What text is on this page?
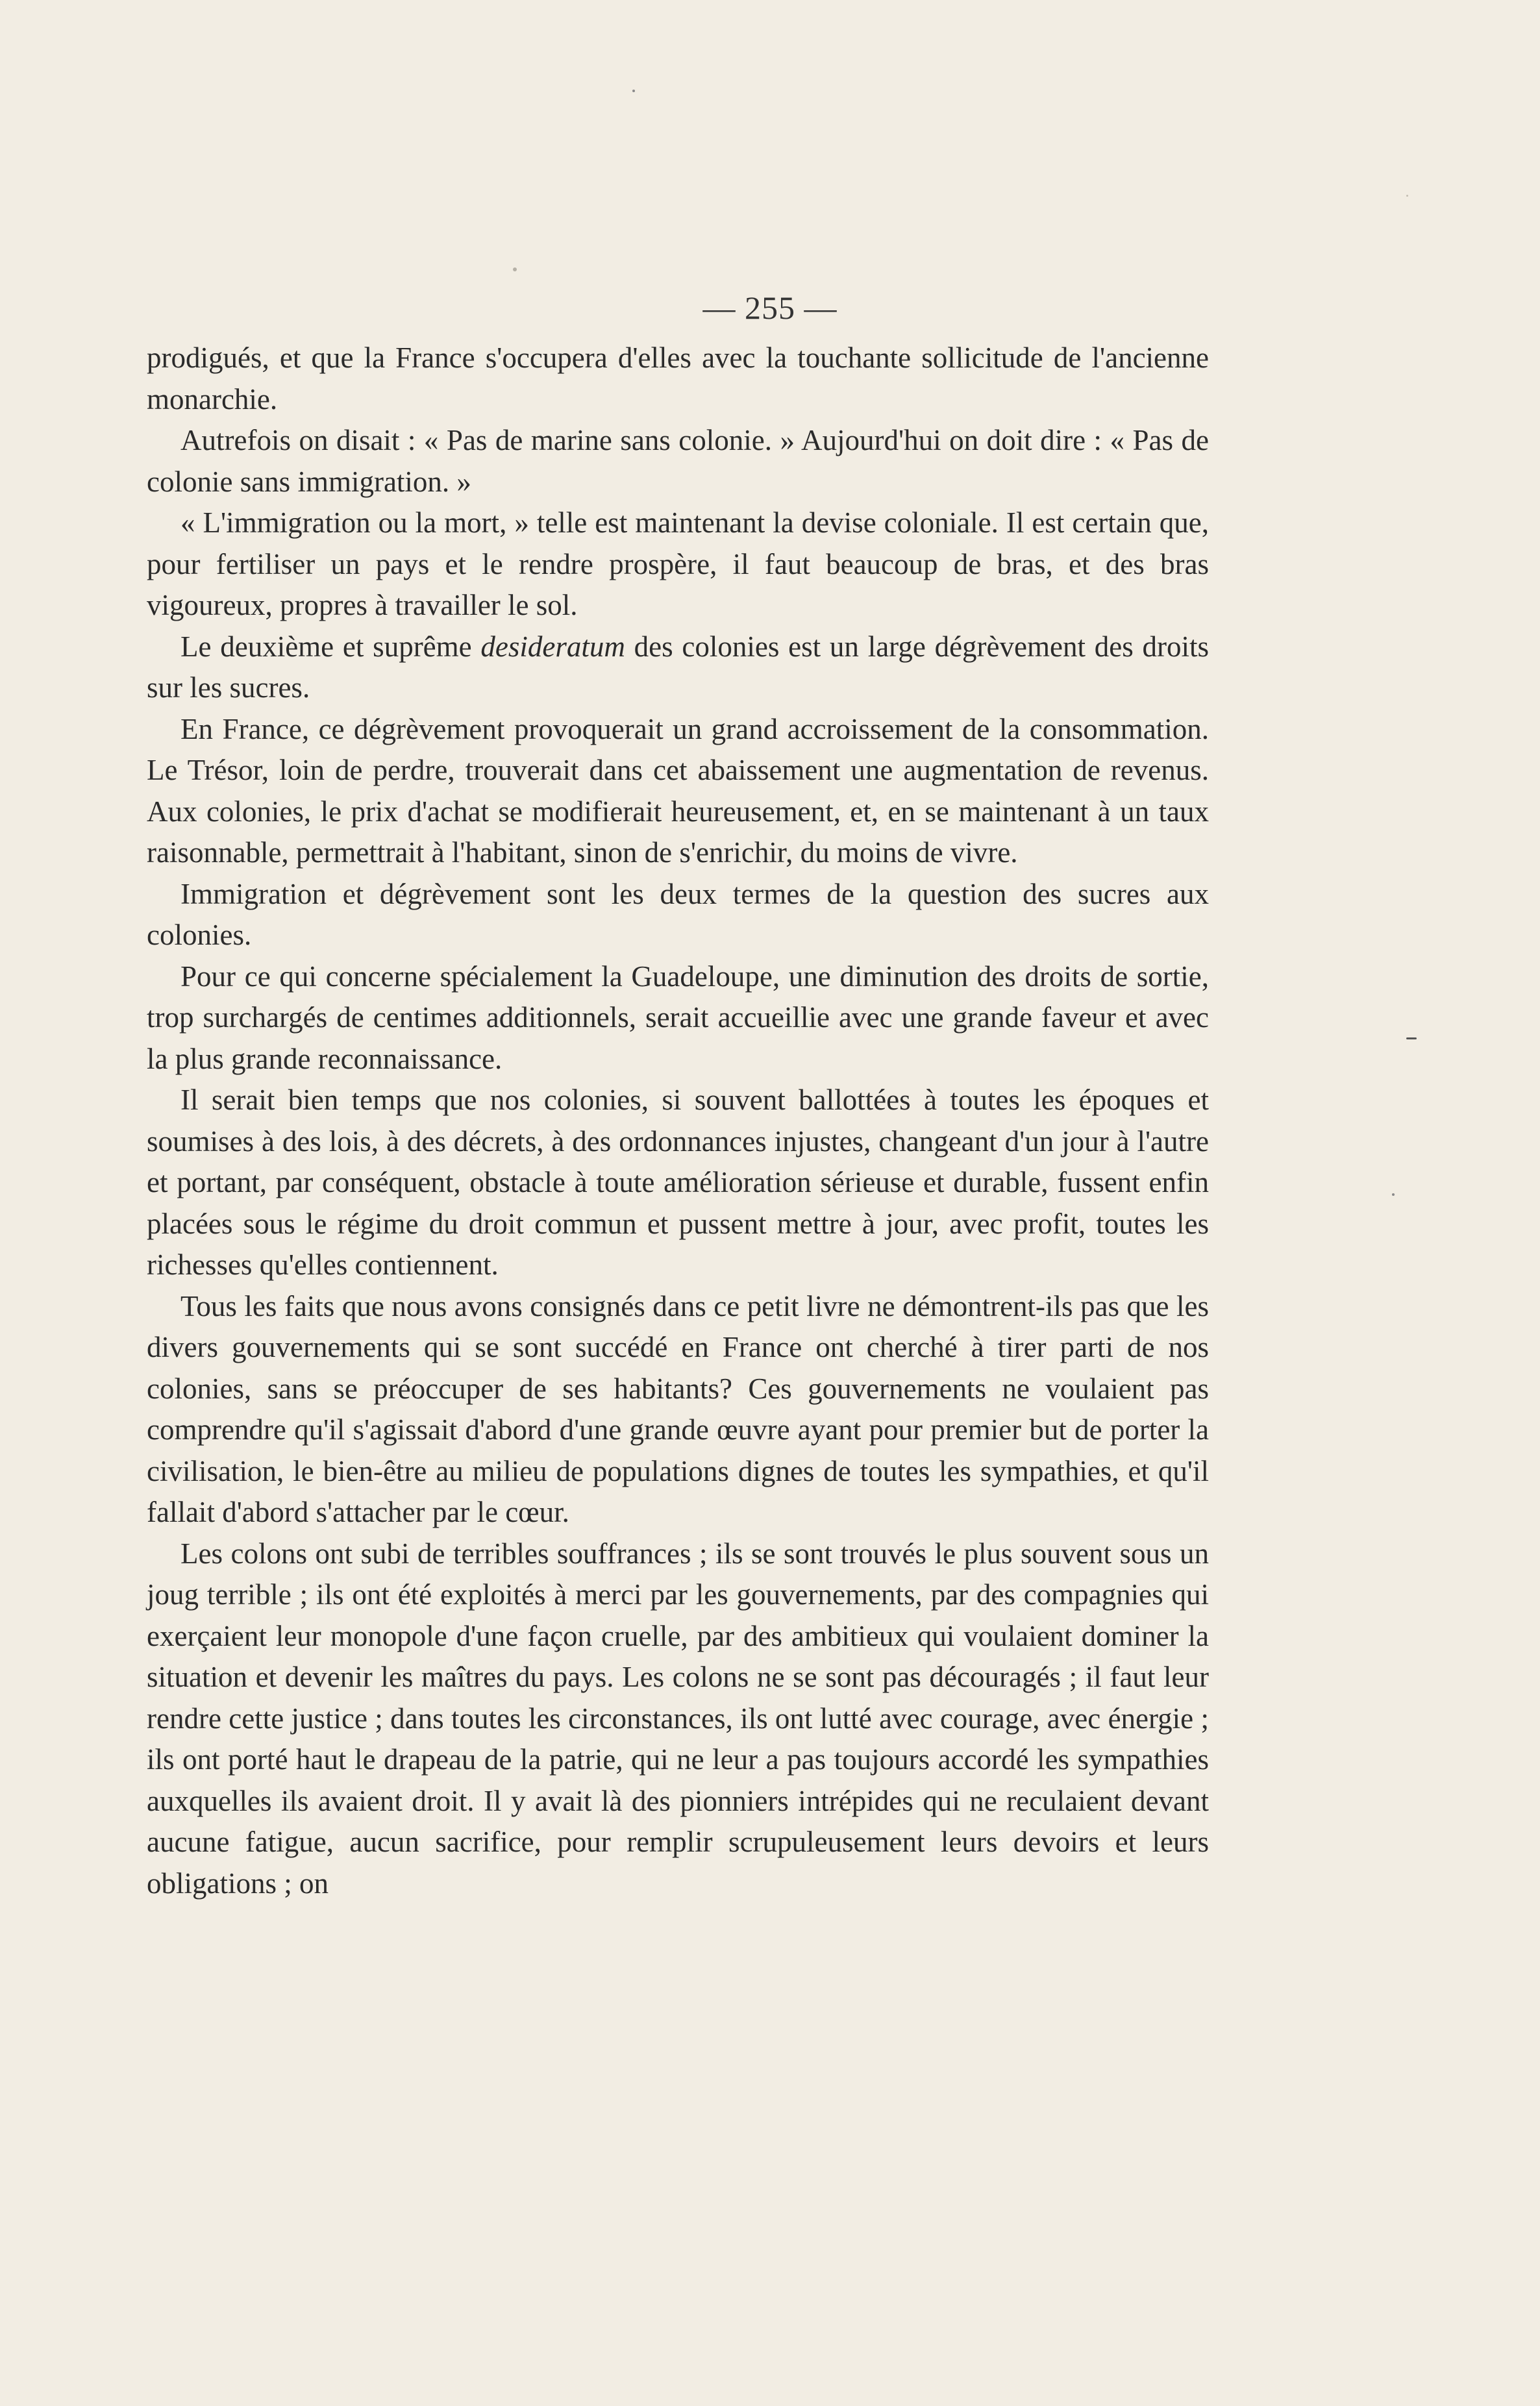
— 255 —

prodigués, et que la France s'occupera d'elles avec la touchante sollicitude de l'ancienne monarchie.

Autrefois on disait : « Pas de marine sans colonie. » Aujourd'hui on doit dire : « Pas de colonie sans immigration. »

« L'immigration ou la mort, » telle est maintenant la devise coloniale. Il est certain que, pour fertiliser un pays et le rendre prospère, il faut beaucoup de bras, et des bras vigoureux, propres à travailler le sol.

Le deuxième et suprême desideratum des colonies est un large dégrèvement des droits sur les sucres.

En France, ce dégrèvement provoquerait un grand accroissement de la consommation. Le Trésor, loin de perdre, trouverait dans cet abaissement une augmentation de revenus. Aux colonies, le prix d'achat se modifierait heureusement, et, en se maintenant à un taux raisonnable, permettrait à l'habitant, sinon de s'enrichir, du moins de vivre.

Immigration et dégrèvement sont les deux termes de la question des sucres aux colonies.

Pour ce qui concerne spécialement la Guadeloupe, une diminution des droits de sortie, trop surchargés de centimes additionnels, serait accueillie avec une grande faveur et avec la plus grande reconnaissance.

Il serait bien temps que nos colonies, si souvent ballottées à toutes les époques et soumises à des lois, à des décrets, à des ordonnances injustes, changeant d'un jour à l'autre et portant, par conséquent, obstacle à toute amélioration sérieuse et durable, fussent enfin placées sous le régime du droit commun et pussent mettre à jour, avec profit, toutes les richesses qu'elles contiennent.

Tous les faits que nous avons consignés dans ce petit livre ne démontrent-ils pas que les divers gouvernements qui se sont succédé en France ont cherché à tirer parti de nos colonies, sans se préoccuper de ses habitants? Ces gouvernements ne voulaient pas comprendre qu'il s'agissait d'abord d'une grande œuvre ayant pour premier but de porter la civilisation, le bien-être au milieu de populations dignes de toutes les sympathies, et qu'il fallait d'abord s'attacher par le cœur.

Les colons ont subi de terribles souffrances ; ils se sont trouvés le plus souvent sous un joug terrible ; ils ont été exploités à merci par les gouvernements, par des compagnies qui exerçaient leur monopole d'une façon cruelle, par des ambitieux qui voulaient dominer la situation et devenir les maîtres du pays. Les colons ne se sont pas découragés ; il faut leur rendre cette justice ; dans toutes les circonstances, ils ont lutté avec courage, avec énergie ; ils ont porté haut le drapeau de la patrie, qui ne leur a pas toujours accordé les sympathies auxquelles ils avaient droit. Il y avait là des pionniers intrépides qui ne reculaient devant aucune fatigue, aucun sacrifice, pour remplir scrupuleusement leurs devoirs et leurs obligations ; on
